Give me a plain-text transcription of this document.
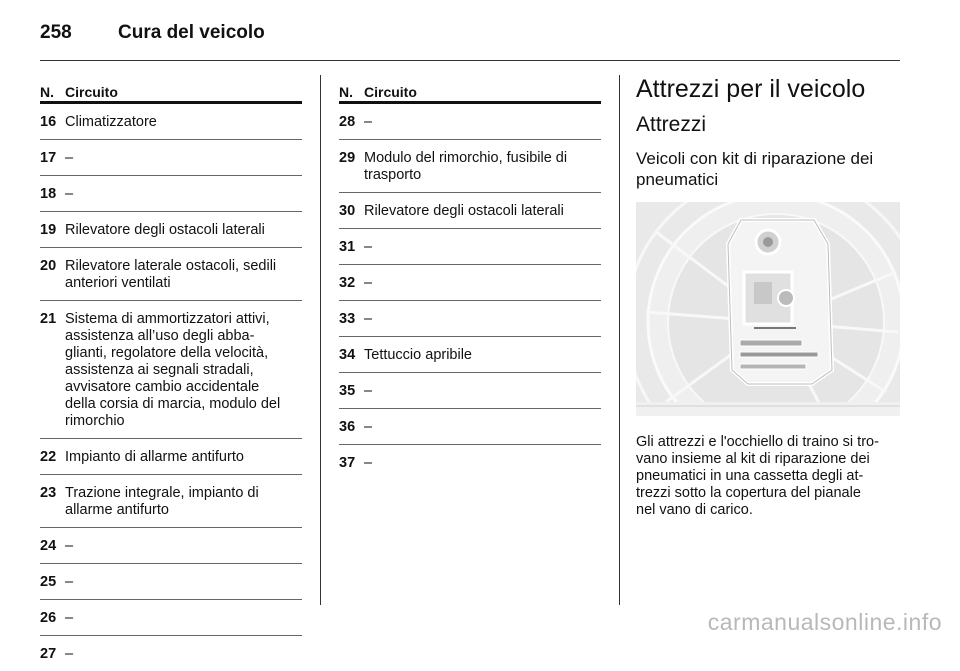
258	Cura del veicolo
N. Circuito
16 Climatizzatore
17 –
18 –
19 Rilevatore degli ostacoli laterali
20 Rilevatore laterale ostacoli, sedili
anteriori ventilati
21 Sistema di ammortizzatori attivi,
assistenza all’uso degli abba-
glianti, regolatore della velocità,
assistenza ai segnali stradali,
avvisatore cambio accidentale
della corsia di marcia, modulo del
rimorchio
22 Impianto di allarme antifurto
23 Trazione integrale, impianto di
allarme antifurto
24 –
25 –
26 –
27 –
N. Circuito
28 –
29 Modulo del rimorchio, fusibile di
trasporto
30 Rilevatore degli ostacoli laterali
31 –
32 –
33 –
34 Tettuccio apribile
35 –
36 –
37 –
Attrezzi per il veicolo
Attrezzi
Veicoli con kit di riparazione dei
pneumatici
Gli attrezzi e l'occhiello di traino si tro-
vano insieme al kit di riparazione dei
pneumatici in una cassetta degli at-
trezzi sotto la copertura del pianale
nel vano di carico.
carmanualsonline.info
